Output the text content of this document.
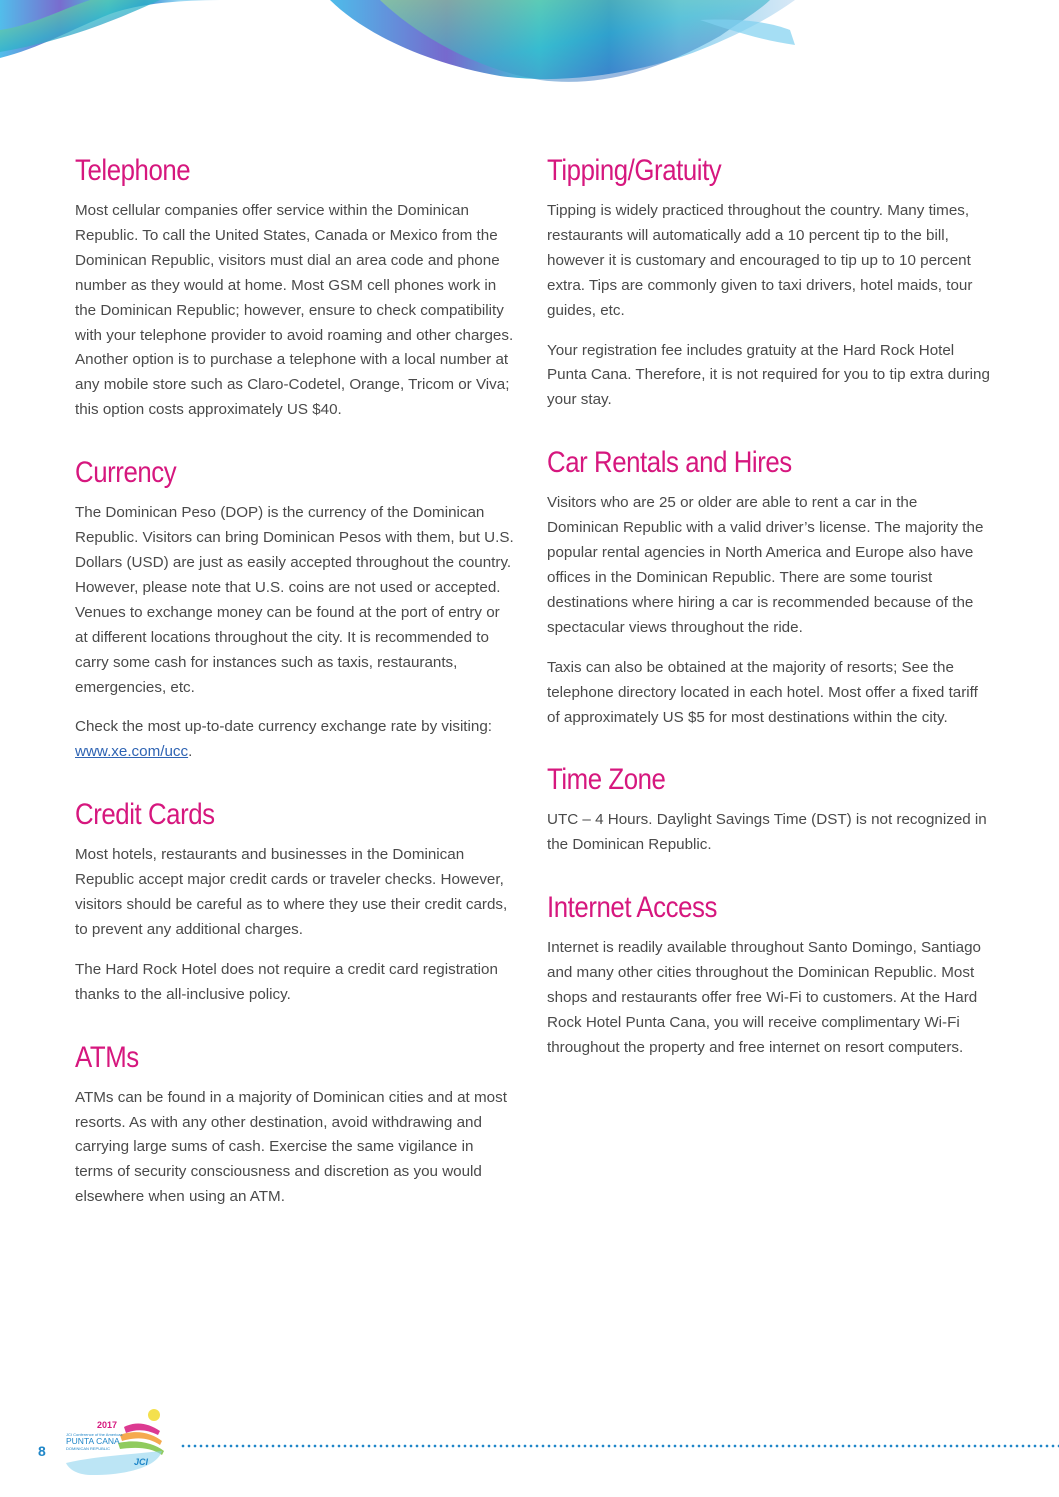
Telephone

Most cellular companies offer service within the Dominican Republic. To call the United States, Canada or Mexico from the Dominican Republic, visitors must dial an area code and phone number as they would at home. Most GSM cell phones work in the Dominican Republic; however, ensure to check compatibility with your telephone provider to avoid roaming and other charges. Another option is to purchase a telephone with a local number at any mobile store such as Claro-Codetel, Orange, Tricom or Viva; this option costs approximately US $40.

Currency

The Dominican Peso (DOP) is the currency of the Dominican Republic. Visitors can bring Dominican Pesos with them, but U.S. Dollars (USD) are just as easily accepted throughout the country. However, please note that U.S. coins are not used or accepted. Venues to exchange money can be found at the port of entry or at different locations throughout the city. It is recommended to carry some cash for instances such as taxis, restaurants, emergencies, etc.

Check the most up-to-date currency exchange rate by visiting: www.xe.com/ucc.

Credit Cards

Most hotels, restaurants and businesses in the Dominican Republic accept major credit cards or traveler checks. However, visitors should be careful as to where they use their credit cards, to prevent any additional charges.

The Hard Rock Hotel does not require a credit card registration thanks to the all-inclusive policy.

ATMs

ATMs can be found in a majority of Dominican cities and at most resorts. As with any other destination, avoid withdrawing and carrying large sums of cash. Exercise the same vigilance in terms of security consciousness and discretion as you would elsewhere when using an ATM.

Tipping/Gratuity

Tipping is widely practiced throughout the country. Many times, restaurants will automatically add a 10 percent tip to the bill, however it is customary and encouraged to tip up to 10 percent extra. Tips are commonly given to taxi drivers, hotel maids, tour guides, etc.

Your registration fee includes gratuity at the Hard Rock Hotel Punta Cana. Therefore, it is not required for you to tip extra during your stay.

Car Rentals and Hires

Visitors who are 25 or older are able to rent a car in the Dominican Republic with a valid driver’s license. The majority the popular rental agencies in North America and Europe also have offices in the Dominican Republic. There are some tourist destinations where hiring a car is recommended because of the spectacular views throughout the ride.

Taxis can also be obtained at the majority of resorts; See the telephone directory located in each hotel. Most offer a fixed tariff of approximately US $5 for most destinations within the city.

Time Zone

UTC – 4 Hours. Daylight Savings Time (DST) is not recognized in the Dominican Republic.

Internet Access

Internet is readily available throughout Santo Domingo, Santiago and many other cities throughout the Dominican Republic. Most shops and restaurants offer free Wi-Fi to customers. At the Hard Rock Hotel Punta Cana, you will receive complimentary Wi-Fi throughout the property and free internet on resort computers.

8
2017
JCI Conference of the Americas
PUNTA CANA
DOMINICAN REPUBLIC
JCI
